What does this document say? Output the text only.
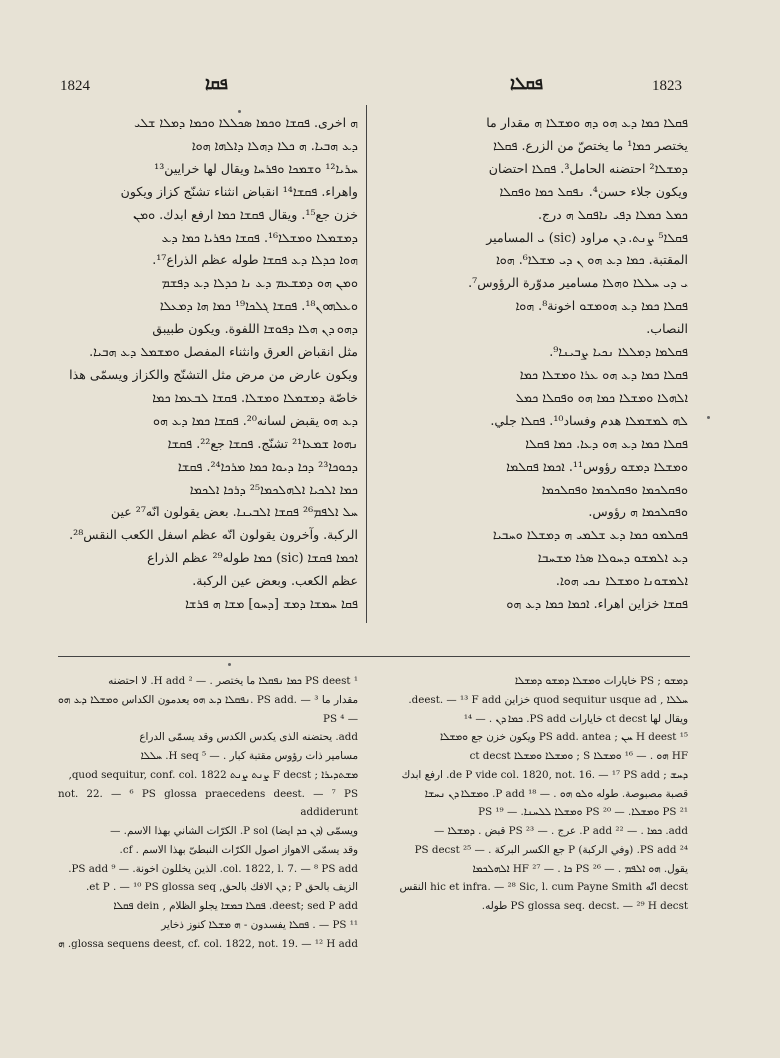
1824	ܦܩܐ	ܦܩܠܐ	1823

ܗ اخرى. ܦܩܫܐ ܘܟܡܐ ܣܟܠܠܐ ܘܟܡܐ ܕܡܠܐ ܫܠܝ

ܕܥ ܗܒܝܐ. ܗ ܟܠܐ ܕܗܠܐ ܕܐܠܗܐ ܗܘܐ

ܚܪܝܐ¹² ܘܫܡܟܐ ܘܦܪܚܐ ويقال لها خرايين¹³

واهراء. ܦܩܫܐ¹⁴ انقباض انثناء تشنّج كزاز ويكون

خزن جع¹⁵. ويقال ܦܩܫܐ ܟܡܐ ارفع ابدك. ܘܡܢ

ܕܡܫܡܠܐ ܘܡܫܠܐ¹⁶. ܦܩܫܐ ܟܦܪܝܐ ܟܡܐ ܕܥ

ܗܘܐ ܟܕܠܐ ܕܥ ܦܩܫܐ طوله عظم الذراع¹⁷.

ܘܡܢ ܗܘ ܕܡܫܥܡ ܕܥ ܢܐ ܟܕܠܐ ܕܥ ܕܦܫܡ

ܘܥܠܗܘܢ¹⁸. ܦܩܫܐ ܓܠܟܐ¹⁹ ܟܡܐ ܗܐ ܕܡܥܠܐ

ܕܗܘ ܕܢ ܗܠܐ ܕܦܘܫܐ اللفوة. ويكون طبيبق

مثل انقباض العرق وانثناء المفصل ܘܡܫܡܠ ܕܥ ܗܒܝܐ.

ويكون عارض من مرض مثل التشنّج والكزاز ويسمّى هذا

خاصّة ܕܡܫܡܠܐ ܘܡܫܠܐ. ܦܩܫܐ ܠܒܥܡܐ ܟܡܐ

ܕܥ ܗܘ يقبض لسانه²⁰. ܦܩܫܐ ܟܡܐ ܕܥ ܗܘ

ܢܗܘܐ ܫܡܥܐ²¹ تشنّج. ܦܩܫܐ جع²². ܦܩܫܐ

ܕܟܘܟܐ²³ ܕܟܐ ܕܝܘܐ ܟܡܐ ܡܪܟܐ²⁴. ܦܩܫܐ

ܟܡܐ ܐܠܟܝܐ ܐܠܗܠܟܡܐ²⁵ ܕܪܟܐ ܐܠܟܡܐ

ܚܠ ܐܠܦܡ²⁶ ܦܩܫܐ ܐܠܒܝܢܐ. بعض يقولون انّه²⁷ عين

الركبة. وآخرون يقولون انّه عظم اسفل الكعب النقس²⁸.

ܐܟܡܐ ܦܩܫܐ (sic) ܟܡܐ طوله²⁹ عظم الذراع

عظم الكعب. وبعض عين الركبة.

ܦܩܐ ܚܡܫܐ ܕܡܫ [ܕܚܘ] ܡܫܐ ܗ ܦܪܫܐ

ܦܩܠܐ ܟܡܐ ܕܥ ܗܘ ܕܗ ܘܡܫܠܐ ܗ مقدار ما

يختصر ܟܡܐ¹ ما يختصّ من الزرع. ܦܩܠܐ

ܕܡܫܠܐ² احتضنه الحامل³. ܦܩܠܐ احتضان

ويكون جلاء حسن⁴. ܢܦܩܠ ܟܡܐ ܘܦܩܠܐ

ܟܡܠ ܟܡܠܐ ܕܦܝ ܢܐܦܩܠ ܗ درج.

ܦܩܠܐ⁵ ܨܢܬ. ܕܢ مراود (sic) ܝ المسامير

المقتبة. ܟܡܐ ܕܥ ܗܘ ܢ ܕܝ ܡܫܠܐ⁶. ܗܘܐ

ܝ ܕܝ ܚܠܠܐ ܘܗܠܐ مسامير مدوّرة الرؤوس⁷.

ܦܩܠܐ ܟܡܐ ܕܥ ܗܘܡܫܘ اخونة⁸. ܗܘܐ

النصاب.

ܦܩܠܡܐ ܕܡܠܠܐ ܢܟܝܐ ܨܒܝܢܐ⁹.

ܦܩܠܐ ܟܡܐ ܕܥ ܗܘ ܥܪܐ ܘܡܫܠܐ ܟܡܐ

ܐܠܗܠܐ ܘܡܫܠܐ ܟܡܐ ܗܘ ܘܦܩܠܐ ܟܡܠ

ܠܗ ܠܡܫܡܠܐ هدم وفساد¹⁰. ܦܩܠܐ جلي.

ܦܩܠܐ ܟܡܐ ܕܥ ܗܘ ܕܥܐ. ܟܡܐ ܦܩܠܐ

ܘܡܫܠܐ ܕܡܫܘ رؤوس¹¹. ܐܟܡܐ ܦܩܠܡܐ

ܘܦܩܠܟܡܐ ܘܦܩܠܟܡܐ ܘܦܩܠܟܡܐ

ܘܦܩܠܟܡܐ ܗ رؤوس.

ܦܩܠܡܘ ܟܡܐ ܕܥ ܫܠܡܝ ܗ ܕܡܫܠܐ ܘܚܒܝܐ

ܕܥ ܐܠܡܫܘ ܕܚܘܠܐ ܣܪܐ ܡܫܚܒܐ

ܐܠܡܫܘܢܐ ܘܡܫܠܐ ܢܟܝ ܗܘܐ.

ܦܩܫܐ خزاين اهراء. ܐܟܡܐ ܟܡܐ ܕܥ ܗܘ

¹ PS deest ܟܡܐ ܢܦܩܠܐ ما يختصر . — ² H add. لا احتضنه

مقدار ما PS add. — ³ .ܢܦܩܠܐ ܕܥ ܗܘ يعدمون الكداس ܘܡܫܠܐ ܕܥ ܗܘ — ⁴ PS

add. يحتضنه الذى يكدس الكدس وقد يسمّى الدراع

مسامير ذات رؤوس مقتبة كبار . — ⁵ H seq. ܚܠܠܐ

ܡܫܬܕܝܪܐ ; F decst ܨܢܬ ܨܢܬ quod sequitur, conf. col. 1822,

not. 22. — ⁶ PS glossa praecedens deest. — ⁷ PS addiderunt

ويسمّى (ܕܢ ܟܕ ايضا) P sol. الكرّات الشاني بهذا الاسم. —

وقد يسمّى الاهواز اصول الكرّات النبطىّ بهذا الاسم . cf.

col. 1822, l. 7. — ⁸ PS add. الذين يخللون اخونة. — ⁹ PS add.

الزيف بالحق P ; ܕܢ الافك بالحق, et P . — ¹⁰ PS glossa seq.

deest; sed P add. ܦܩܠܐ ܒܡܫܐ يجلو الظلام , dein ܦܩܠܐ

PS ¹¹ — . ܦܩܠܐ يفسدون - ܗ ܡܫܠܐ كنوز ذخاير

glossa sequens deest, cf. col. 1822, not. 19. — ¹² H add. ܗ

ܕܡܫܘ ; PS خايارات ܘܡܫܠܐ ܕܡܫܘ ܕܡܫܠܐ

ܚܠܠܐ , quod sequitur usque ad خزاين deest. — ¹³ F add.

ويقال لها ct decst خايارات PS add. ܟܡܐ ܕܢ . — ¹⁴

¹⁵ H deest ܚܢ ; PS add. antea ويكون خزن جع ܘܡܫܠܐ

HF ܗܘ . — ¹⁶ ܘܡܫܠܐ S ; ܘܡܫܠܐ ܘܡܫܠܐ ct decst

ܕܚܫ ; de P vide col. 1820, not. 16. — ¹⁷ PS add. ارفع ابدك

قصبة مصبوصة. طوله ܘܠܘ ܗܘ . — ¹⁸ P add. ܘܡܫܠܐ ܕܢ ܢܚܫܐ

PS ²¹ ܘܡܫܠܐ. — ²⁰ PS ܘܡܫܠܐ ܠܠܚܢܐ. — ¹⁹ PS

add. ܟܡܐ . — ²² P add. عرج . — ²³ PS قبض . ܕܡܫܠܐ —

²⁴ PS add. (وفي الركبة) P جع الكسر البركة . — ²⁵ PS decst

يقول. ܗܘ ܐܠܦܡ . — ²⁶ PS ܟܐ . — ²⁷ HF ܐܠܗܠܟܡܐ

decst انّه hic et infra. — ²⁸ Sic, l. cum Payne Smith النقس

PS glossa seq. decst. — ²⁹ H decst طوله.
